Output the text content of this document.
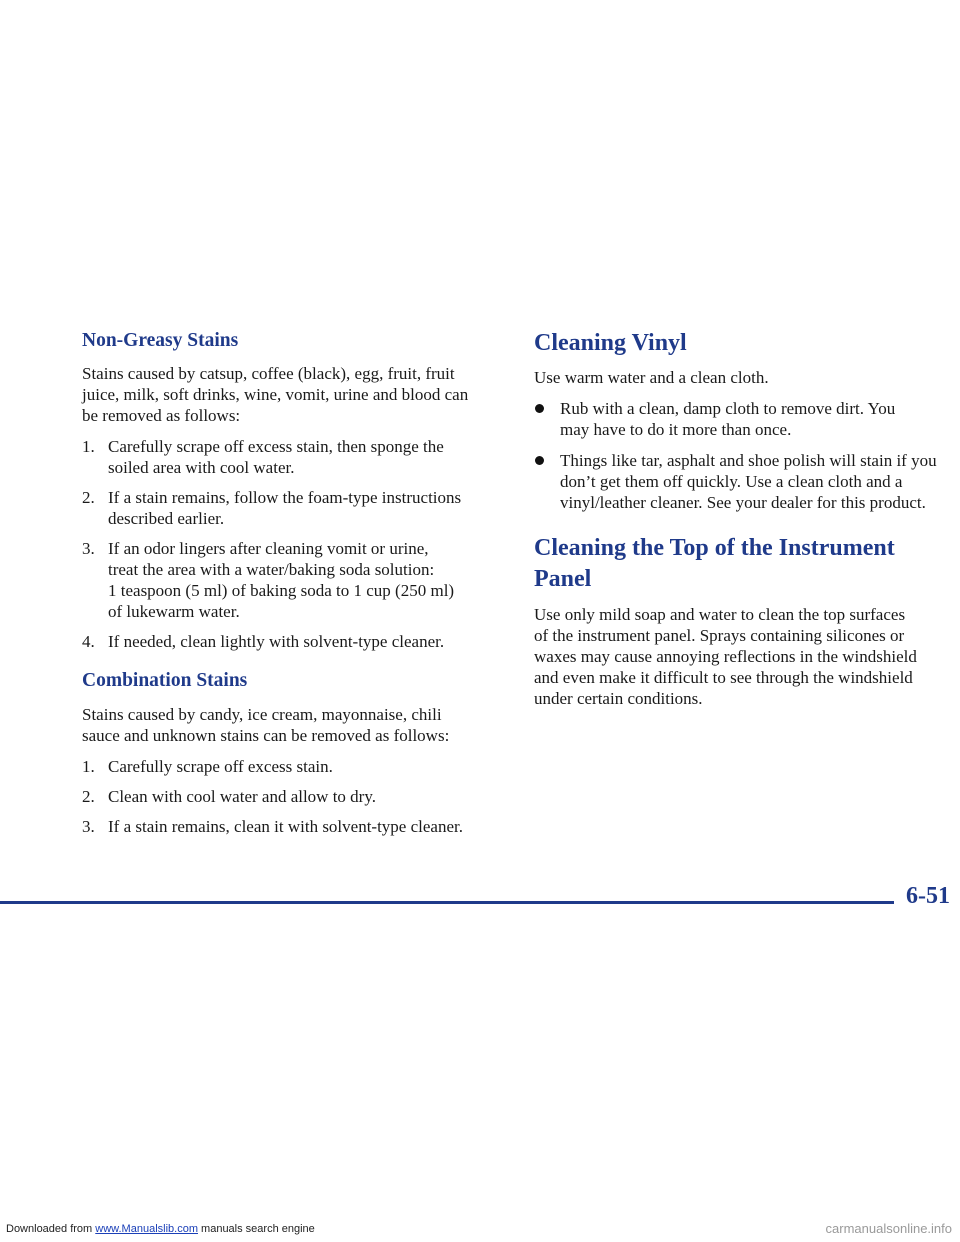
Non-Greasy Stains

Stains caused by catsup, coffee (black), egg, fruit, fruit
juice, milk, soft drinks, wine, vomit, urine and blood can
be removed as follows:

1. Carefully scrape off excess stain, then sponge the
soiled area with cool water.
2. If a stain remains, follow the foam-type instructions
described earlier.
3. If an odor lingers after cleaning vomit or urine,
treat the area with a water/baking soda solution:
1 teaspoon (5 ml) of baking soda to 1 cup (250 ml)
of lukewarm water.
4. If needed, clean lightly with solvent-type cleaner.
Combination Stains

Stains caused by candy, ice cream, mayonnaise, chili
sauce and unknown stains can be removed as follows:

1. Carefully scrape off excess stain.
2. Clean with cool water and allow to dry.
3. If a stain remains, clean it with solvent-type cleaner.
Cleaning Vinyl

Use warm water and a clean cloth.

Rub with a clean, damp cloth to remove dirt. You
may have to do it more than once.
Things like tar, asphalt and shoe polish will stain if you
don’t get them off quickly. Use a clean cloth and a
vinyl/leather cleaner. See your dealer for this product.
Cleaning the Top of the Instrument Panel

Use only mild soap and water to clean the top surfaces
of the instrument panel. Sprays containing silicones or
waxes may cause annoying reflections in the windshield
and even make it difficult to see through the windshield
under certain conditions.

6-51
Downloaded from www.Manualslib.com manuals search engine	carmanualsonline.info
